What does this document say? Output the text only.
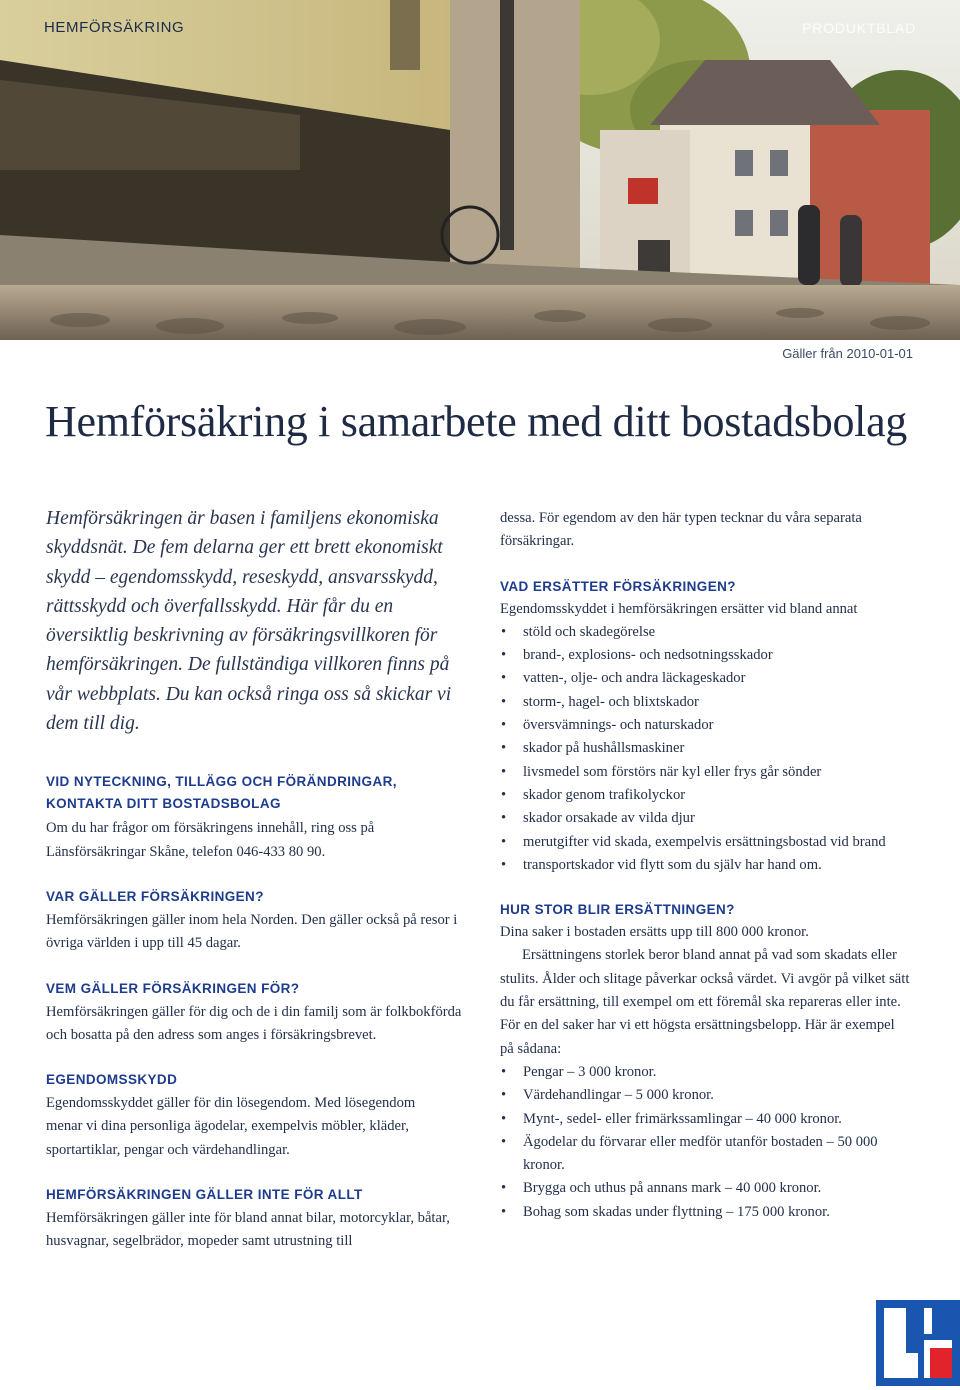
HEMFÖRSÄKRING	PRODUKTBLAD
Gäller från 2010-01-01
Hemförsäkring i samarbete med ditt bostadsbolag

Hemförsäkringen är basen i familjens ekonomiska skyddsnät. De fem delarna ger ett brett ekonomiskt skydd – egendomsskydd, reseskydd, ansvarsskydd, rättsskydd och överfallsskydd. Här får du en översiktlig beskrivning av försäkringsvillkoren för hemförsäkringen. De fullständiga villkoren finns på vår webbplats. Du kan också ringa oss så skickar vi dem till dig.

VID NYTECKNING, TILLÄGG OCH FÖRÄNDRINGAR, KONTAKTA DITT BOSTADSBOLAG

Om du har frågor om försäkringens innehåll, ring oss på Länsförsäkringar Skåne, telefon 046-433 80 90.

VAR GÄLLER FÖRSÄKRINGEN?

Hemförsäkringen gäller inom hela Norden. Den gäller också på resor i övriga världen i upp till 45 dagar.

VEM GÄLLER FÖRSÄKRINGEN FÖR?

Hemförsäkringen gäller för dig och de i din familj som är folkbokförda och bosatta på den adress som anges i försäkringsbrevet.

EGENDOMSSKYDD

Egendomsskyddet gäller för din lösegendom. Med lösegendom menar vi dina personliga ägodelar, exempelvis möbler, kläder, sportartiklar, pengar och värdehandlingar.

HEMFÖRSÄKRINGEN GÄLLER INTE FÖR ALLT

Hemförsäkringen gäller inte för bland annat bilar, motorcyklar, båtar, husvagnar, segelbrädor, mopeder samt utrustning till

dessa. För egendom av den här typen tecknar du våra separata försäkringar.

VAD ERSÄTTER FÖRSÄKRINGEN?

Egendomsskyddet i hemförsäkringen ersätter vid bland annat

• stöld och skadegörelse
• brand-, explosions- och nedsotningsskador
• vatten-, olje- och andra läckageskador
• storm-, hagel- och blixtskador
• översvämnings- och naturskador
• skador på hushållsmaskiner
• livsmedel som förstörs när kyl eller frys går sönder
• skador genom trafikolyckor
• skador orsakade av vilda djur
• merutgifter vid skada, exempelvis ersättningsbostad vid brand
• transportskador vid flytt som du själv har hand om.
HUR STOR BLIR ERSÄTTNINGEN?

Dina saker i bostaden ersätts upp till 800 000 kronor.

Ersättningens storlek beror bland annat på vad som skadats eller stulits. Ålder och slitage påverkar också värdet. Vi avgör på vilket sätt du får ersättning, till exempel om ett föremål ska repareras eller inte. För en del saker har vi ett högsta ersättningsbelopp. Här är exempel på sådana:

• Pengar – 3 000 kronor.
• Värdehandlingar – 5 000 kronor.
• Mynt-, sedel- eller frimärkssamlingar – 40 000 kronor.
• Ägodelar du förvarar eller medför utanför bostaden – 50 000 kronor.
• Brygga och uthus på annans mark – 40 000 kronor.
• Bohag som skadas under flyttning – 175 000 kronor.
